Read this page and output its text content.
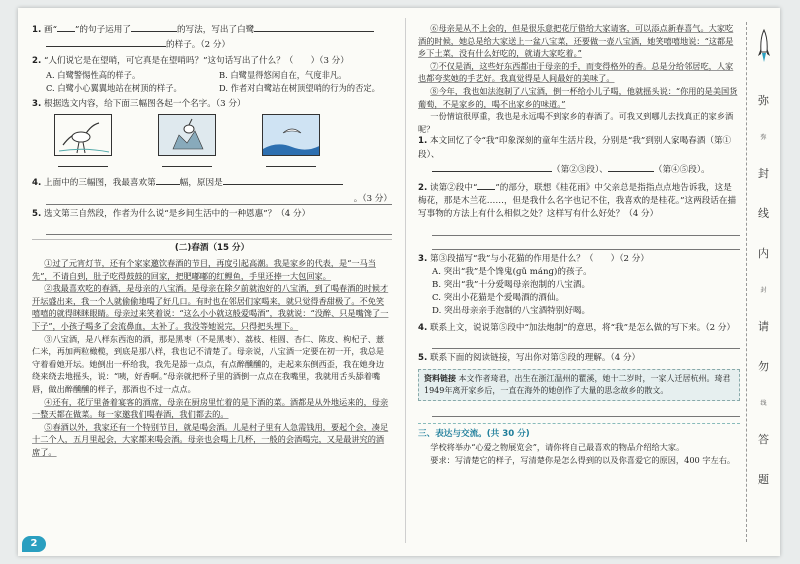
1. 画“ ”的句子运用了	的写法，写出了白鹭
的样子。（2 分）
2. “人们说它是在望哨，可它真是在望哨吗？”这句话写出了什么？（　　）（3 分）
A. 白鹭警惕性高的样子。	B. 白鹭显得悠闲自在，气度非凡。
C. 白鹭小心翼翼地站在树顶的样子。	D. 作者对白鹭站在树顶望哨的行为的否定。
3. 根据选文内容，给下面三幅图各起一个名字。（3 分）
4. 上面中的三幅图，我最喜欢第	幅，原因是
。（3 分）
5. 选文第三自然段，作者为什么说“是乡间生活中的一种恩惠”？（4 分）
(二)春酒（15 分）

①过了元宵灯节，还有个家家邀饮春酒的节目，再度引起高潮。我是家乡的代表，是“一马当先”，不请自到，肚子吃得鼓鼓的回家，把肥嘟嘟的红鲤鱼，手里还捧一大包回家。

②我最喜欢吃的春酒，是母亲的八宝酒。是母亲在除夕前就泡好的八宝酒，到了喝春酒的时候才开坛盛出来，我一个人就偷偷地喝了好几口。有时也在邻居们家喝来，就只觉得香甜极了。不免笑嘻嘻的就得眯眯眼睛。母亲过来笑着说：“这么小小就这般爱喝酒”，我就说：“没醉、只是嘴馋了一下子”，小孩子喝多了会流鼻血，太补了。我没等她说完，只得把头埋下。

③八宝酒，是八样东西泡的酒，那是黑枣（不是黑枣）、荔枝、桂圆、杏仁、陈皮、枸杞子、薏仁米，再加两粒橄榄，到底是那八样，我也记不清楚了。母亲说，八宝酒一定要在初一开，我总是守着看她开坛。她倒出一杯给我，我先是舔一点点，有点醉醺醺的，走起来东倒西歪，我在她身边绕来绕去地摇头，说：“咦，好香啊。”母亲就把杯子里的酒倒一点点在我嘴里，我就用舌头舔着嘴唇，做出醉醺醺的样子，那酒也不过一点点。

④还有，花厅里备着宴客的酒席，母亲在厨房里忙着的是下酒的菜。酒都是从外地运来的，母亲一整天都在做菜。每一家邀我们喝春酒，我们都去的。

⑤春酒以外，我家还有一个特别节目，就是喝会酒。儿是村子里有人急需钱用，要起个会，凑足十二个人，五月里起会，大家都来喝会酒。母亲也会喝上几杯，一般的会酒喝完，又是最讲究的酒席了。

⑥母亲是从不上会的，但是很乐意把花厅借给大家请客，可以添点新春喜气。大家吃酒的时候，她总是给大家送上一盆八宝菜，还要做一壶八宝酒，她笑嘻嘻地说：“这都是乡下土菜，没有什么好吃的，就请大家吃着。”

⑦不仅是酒，这些好东西都由于母亲的手，而变得格外的香。总是分给邻居吃，人家也都夸奖她的手艺好。我真觉得是人间最好的美味了。

⑧今年，我也如法泡制了八宝酒，倒一杯给小儿子喝，他就摇头说：“你用的是美国货葡萄，不是家乡的，喝不出家乡的味道。”

一份情谊很厚重，我也是永远喝不到家乡的春酒了。可我又到哪儿去找真正的家乡酒呢？

1. 本文回忆了令“我”印象深刻的童年生活片段，分别是“我”到别人家喝春酒（第①段）、
（第②③段）、	（第④⑤段）。
2. 读第②段中“ ”的部分，联想《桂花雨》中父亲总是指指点点地告诉我，这是梅花，那是木兰花……，但是我什么名字也记不住，我喜欢的是桂花。”这两段话在描写事物的方法上有什么相似之处？这样写有什么好处？（4 分）
3. 第③段描写“我”与小花猫的作用是什么？（　　）（2 分）
A. 突出“我”是个馋鬼(ɡǔ mánɡ)的孩子。
B. 突出“我”十分爱喝母亲泡制的八宝酒。
C. 突出小花猫是个爱喝酒的酒仙。
D. 突出母亲亲手泡制的八宝酒特别好喝。
4. 联系上文，说说第⑤段中“加法炮制”的意思，将“我”是怎么做的写下来。（2 分）
5. 联系下面的阅读链接，写出你对第⑤段的理解。（4 分）
资料链接 本文作者琦君，出生在浙江温州的瞿溪，她十二岁时，一家人迁居杭州。琦君1949年离开家乡后，一直在海外的她创作了大量的思念故乡的散文。
三、表达与交流。(共 30 分)

学校将举办“心爱之物展览会”，请你将自己最喜欢的物品介绍给大家。

要求：写清楚它的样子，写清楚你是怎么得到的以及你喜爱它的原因，400 字左右。

弥
弥
封
线
内
封
请
勿
线
答
题
2
